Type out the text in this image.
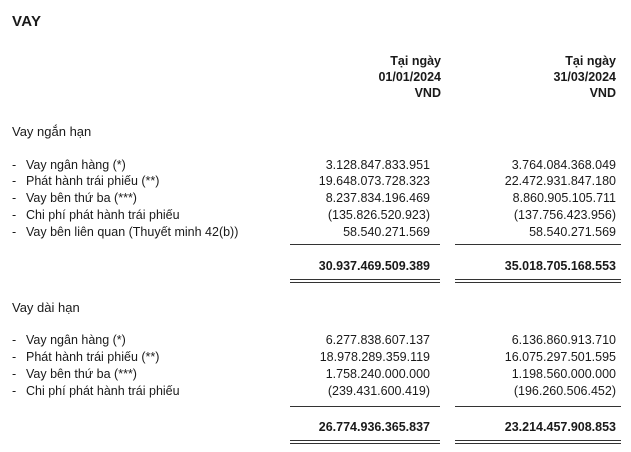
VAY
Tại ngày
01/01/2024
VND
Tại ngày
31/03/2024
VND
Vay ngắn hạn
- Vay ngân hàng (*)	3.128.847.833.951	3.764.084.368.049
- Phát hành trái phiếu (**)	19.648.073.728.323	22.472.931.847.180
- Vay bên thứ ba (***)	8.237.834.196.469	8.860.905.105.711
- Chi phí phát hành trái phiếu	(135.826.520.923)	(137.756.423.956)
- Vay bên liên quan (Thuyết minh 42(b))	58.540.271.569	58.540.271.569
30.937.469.509.389	35.018.705.168.553
Vay dài hạn
- Vay ngân hàng (*)	6.277.838.607.137	6.136.860.913.710
- Phát hành trái phiếu (**)	18.978.289.359.119	16.075.297.501.595
- Vay bên thứ ba (***)	1.758.240.000.000	1.198.560.000.000
- Chi phí phát hành trái phiếu	(239.431.600.419)	(196.260.506.452)
26.774.936.365.837	23.214.457.908.853
